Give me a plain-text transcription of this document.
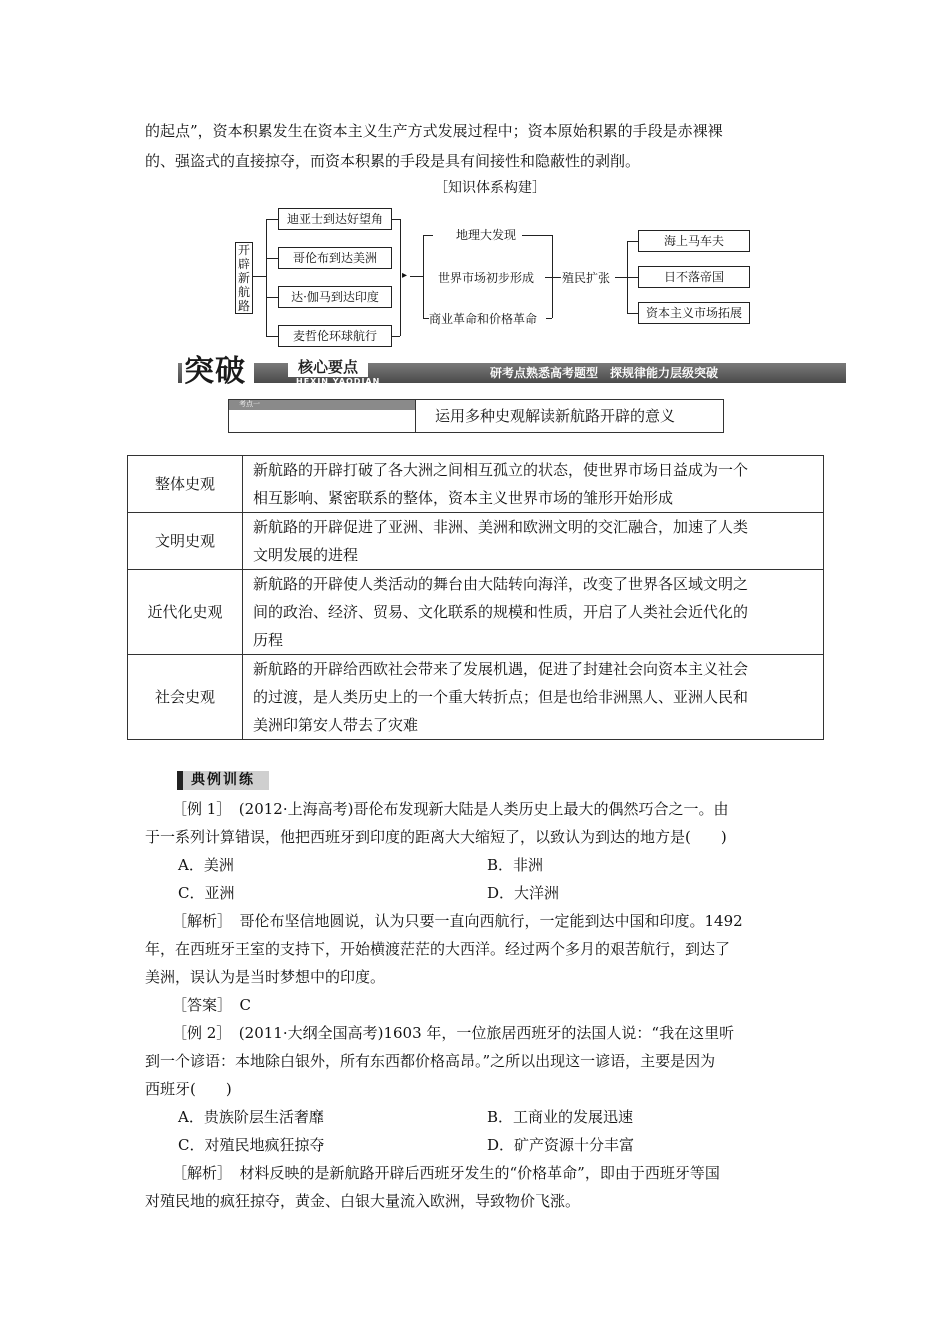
的起点”，资本积累发生在资本主义生产方式发展过程中；资本原始积累的手段是赤裸裸
的、强盗式的直接掠夺，而资本积累的手段是具有间接性和隐蔽性的剥削。
［知识体系构建］
开辟新航路
迪亚士到达好望角
哥伦布到达美洲
达·伽马到达印度
麦哲伦环球航行
▸
地理大发现
世界市场初步形成
商业革命和价格革命
殖民扩张
海上马车夫
日不落帝国
资本主义市场拓展
突破	核心要点
HEXIN YAODIAN
研考点熟悉高考题型　探规律能力层级突破
考点一
运用多种史观解读新航路开辟的意义
整体史观	新航路的开辟打破了各大洲之间相互孤立的状态，使世界市场日益成为一个
相互影响、紧密联系的整体，资本主义世界市场的雏形开始形成

文明史观	新航路的开辟促进了亚洲、非洲、美洲和欧洲文明的交汇融合，加速了人类
文明发展的进程

近代化史观	新航路的开辟使人类活动的舞台由大陆转向海洋，改变了世界各区域文明之
间的政治、经济、贸易、文化联系的规模和性质，开启了人类社会近代化的
历程

社会史观	新航路的开辟给西欧社会带来了发展机遇，促进了封建社会向资本主义社会
的过渡，是人类历史上的一个重大转折点；但是也给非洲黑人、亚洲人民和
美洲印第安人带去了灾难
典例训练
［例 1］　(2012·上海高考)哥伦布发现新大陆是人类历史上最大的偶然巧合之一。由
于一系列计算错误，他把西班牙到印度的距离大大缩短了，以致认为到达的地方是(　　)
A．美洲	B．非洲
C．亚洲	D．大洋洲
［解析］　哥伦布坚信地圆说，认为只要一直向西航行，一定能到达中国和印度。1492
年，在西班牙王室的支持下，开始横渡茫茫的大西洋。经过两个多月的艰苦航行，到达了
美洲，误认为是当时梦想中的印度。
［答案］　C
［例 2］　(2011·大纲全国高考)1603 年，一位旅居西班牙的法国人说：“我在这里听
到一个谚语：本地除白银外，所有东西都价格高昂。”之所以出现这一谚语，主要是因为
西班牙(　　)
A．贵族阶层生活奢靡	B．工商业的发展迅速
C．对殖民地疯狂掠夺	D．矿产资源十分丰富
［解析］　材料反映的是新航路开辟后西班牙发生的“价格革命”，即由于西班牙等国
对殖民地的疯狂掠夺，黄金、白银大量流入欧洲，导致物价飞涨。
